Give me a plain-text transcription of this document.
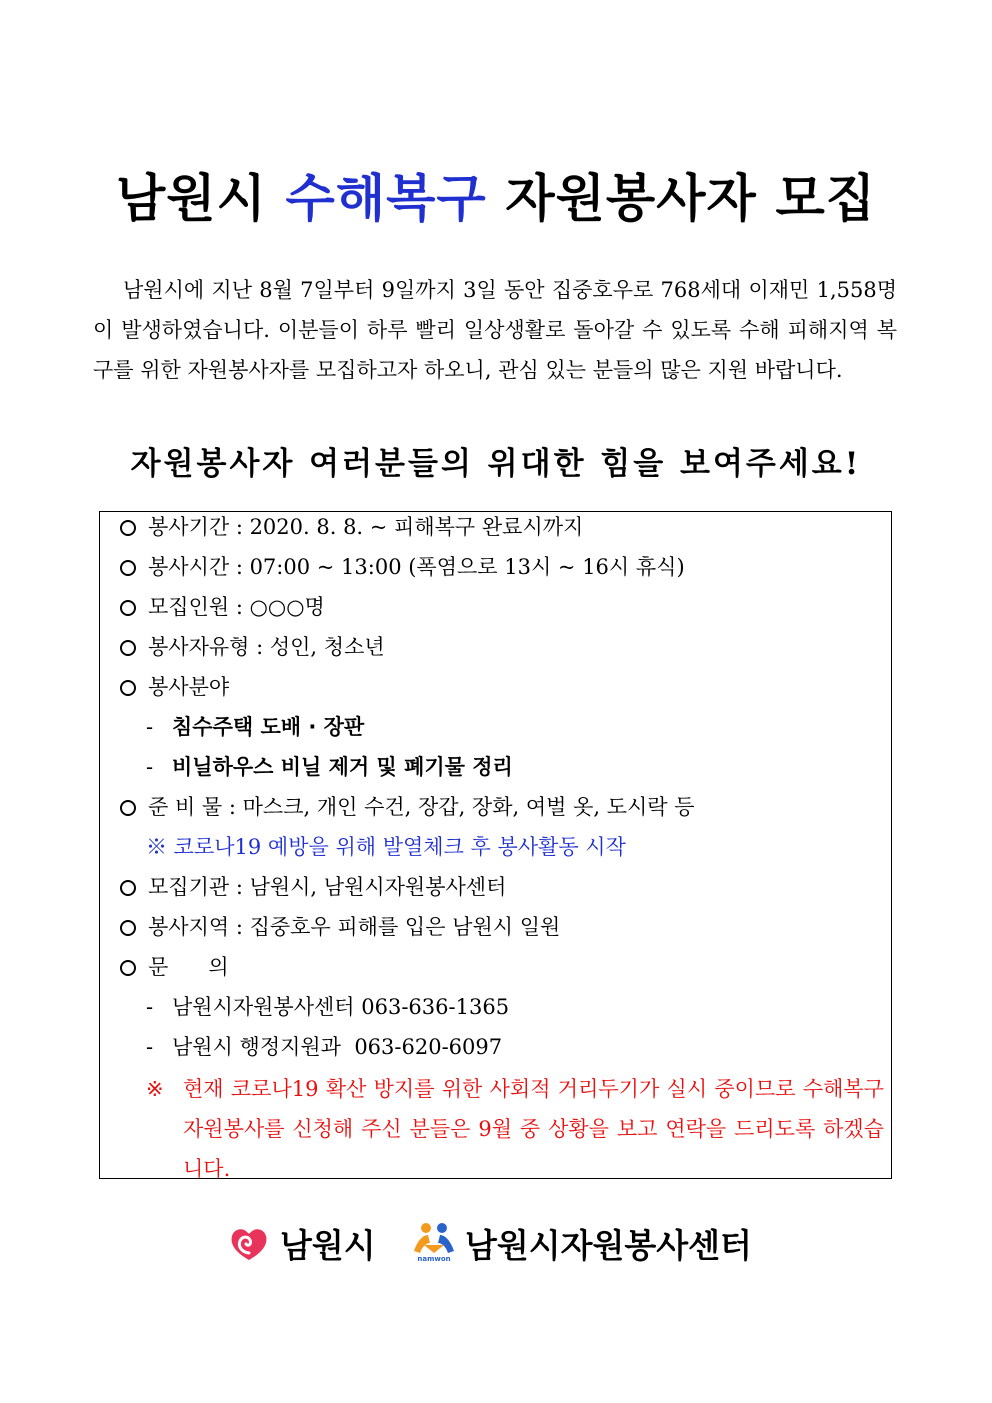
남원시 수해복구 자원봉사자 모집
남원시에 지난 8월 7일부터 9일까지 3일 동안 집중호우로 768세대 이재민 1,558명이 발생하였습니다. 이분들이 하루 빨리 일상생활로 돌아갈 수 있도록 수해 피해지역 복구를 위한 자원봉사자를 모집하고자 하오니, 관심 있는 분들의 많은 지원 바랍니다.
자원봉사자 여러분들의 위대한 힘을 보여주세요!
봉사기간 : 2020. 8. 8. ~ 피해복구 완료시까지
봉사시간 : 07:00 ~ 13:00 (폭염으로 13시 ~ 16시 휴식)
모집인원 : ○○○명
봉사자유형 : 성인, 청소년
봉사분야
- 침수주택 도배 · 장판
- 비닐하우스 비닐 제거 및 폐기물 정리
준 비 물 : 마스크, 개인 수건, 장갑, 장화, 여벌 옷, 도시락 등
※ 코로나19 예방을 위해 발열체크 후 봉사활동 시작
모집기관 : 남원시, 남원시자원봉사센터
봉사지역 : 집중호우 피해를 입은 남원시 일원
문      의
- 남원시자원봉사센터 063-636-1365
- 남원시 행정지원과  063-620-6097
※ 현재 코로나19 확산 방지를 위한 사회적 거리두기가 실시 중이므로 수해복구 자원봉사를 신청해 주신 분들은 9월 중 상황을 보고 연락을 드리도록 하겠습니다.
남원시	namwon 남원시자원봉사센터
